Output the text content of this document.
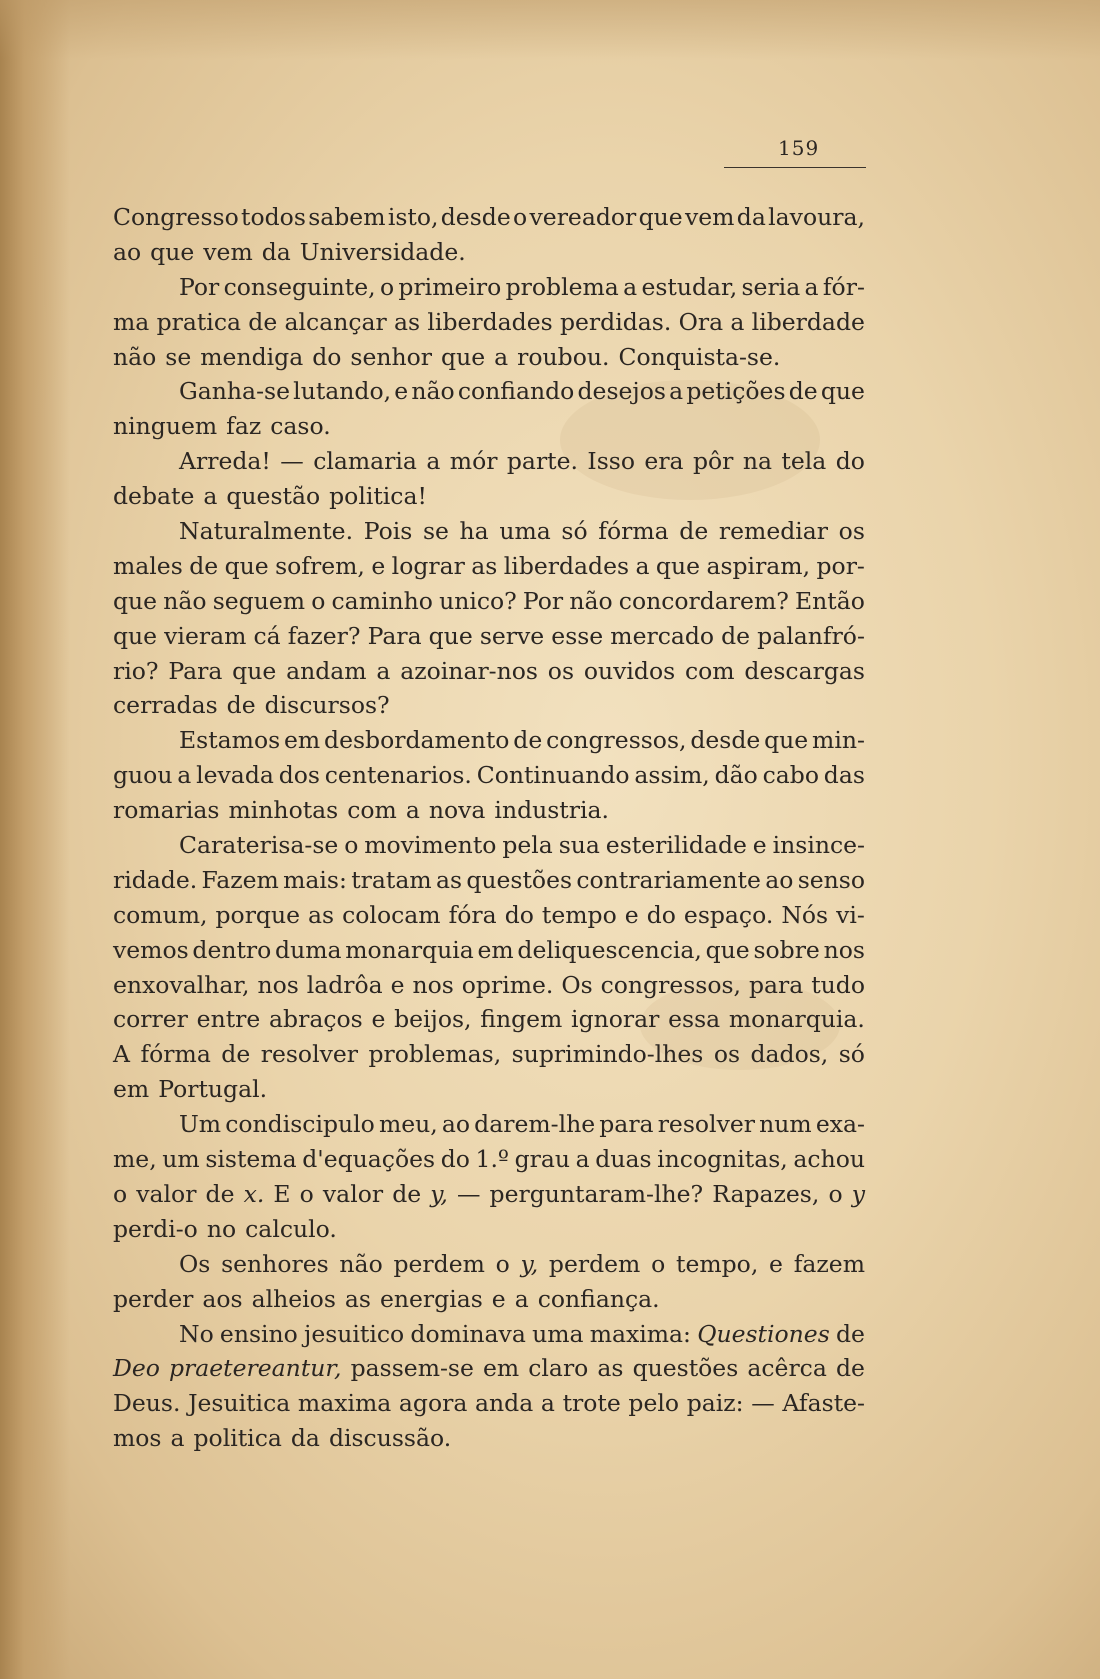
159
Congresso todos sabem isto, desde o vereador que vem da lavoura,
ao que vem da Universidade.
Por conseguinte, o primeiro problema a estudar, seria a fór-
ma pratica de alcançar as liberdades perdidas. Ora a liberdade
não se mendiga do senhor que a roubou. Conquista-se.
Ganha-se lutando, e não confiando desejos a petições de que
ninguem faz caso.
Arreda! — clamaria a mór parte. Isso era pôr na tela do
debate a questão politica!
Naturalmente. Pois se ha uma só fórma de remediar os
males de que sofrem, e lograr as liberdades a que aspiram, por-
que não seguem o caminho unico? Por não concordarem? Então
que vieram cá fazer? Para que serve esse mercado de palanfró-
rio? Para que andam a azoinar-nos os ouvidos com descargas
cerradas de discursos?
Estamos em desbordamento de congressos, desde que min-
guou a levada dos centenarios. Continuando assim, dão cabo das
romarias minhotas com a nova industria.
Caraterisa-se o movimento pela sua esterilidade e insince-
ridade. Fazem mais: tratam as questões contrariamente ao senso
comum, porque as colocam fóra do tempo e do espaço. Nós vi-
vemos dentro duma monarquia em deliquescencia, que sobre nos
enxovalhar, nos ladrôa e nos oprime. Os congressos, para tudo
correr entre abraços e beijos, fingem ignorar essa monarquia.
A fórma de resolver problemas, suprimindo-lhes os dados, só
em Portugal.
Um condiscipulo meu, ao darem-lhe para resolver num exa-
me, um sistema d'equações do 1.º grau a duas incognitas, achou
o valor de x. E o valor de y, — perguntaram-lhe? Rapazes, o y
perdi-o no calculo.
Os senhores não perdem o y, perdem o tempo, e fazem
perder aos alheios as energias e a confiança.
No ensino jesuitico dominava uma maxima: Questiones de
Deo praetereantur, passem-se em claro as questões acêrca de
Deus. Jesuitica maxima agora anda a trote pelo paiz: — Afaste-
mos a politica da discussão.
